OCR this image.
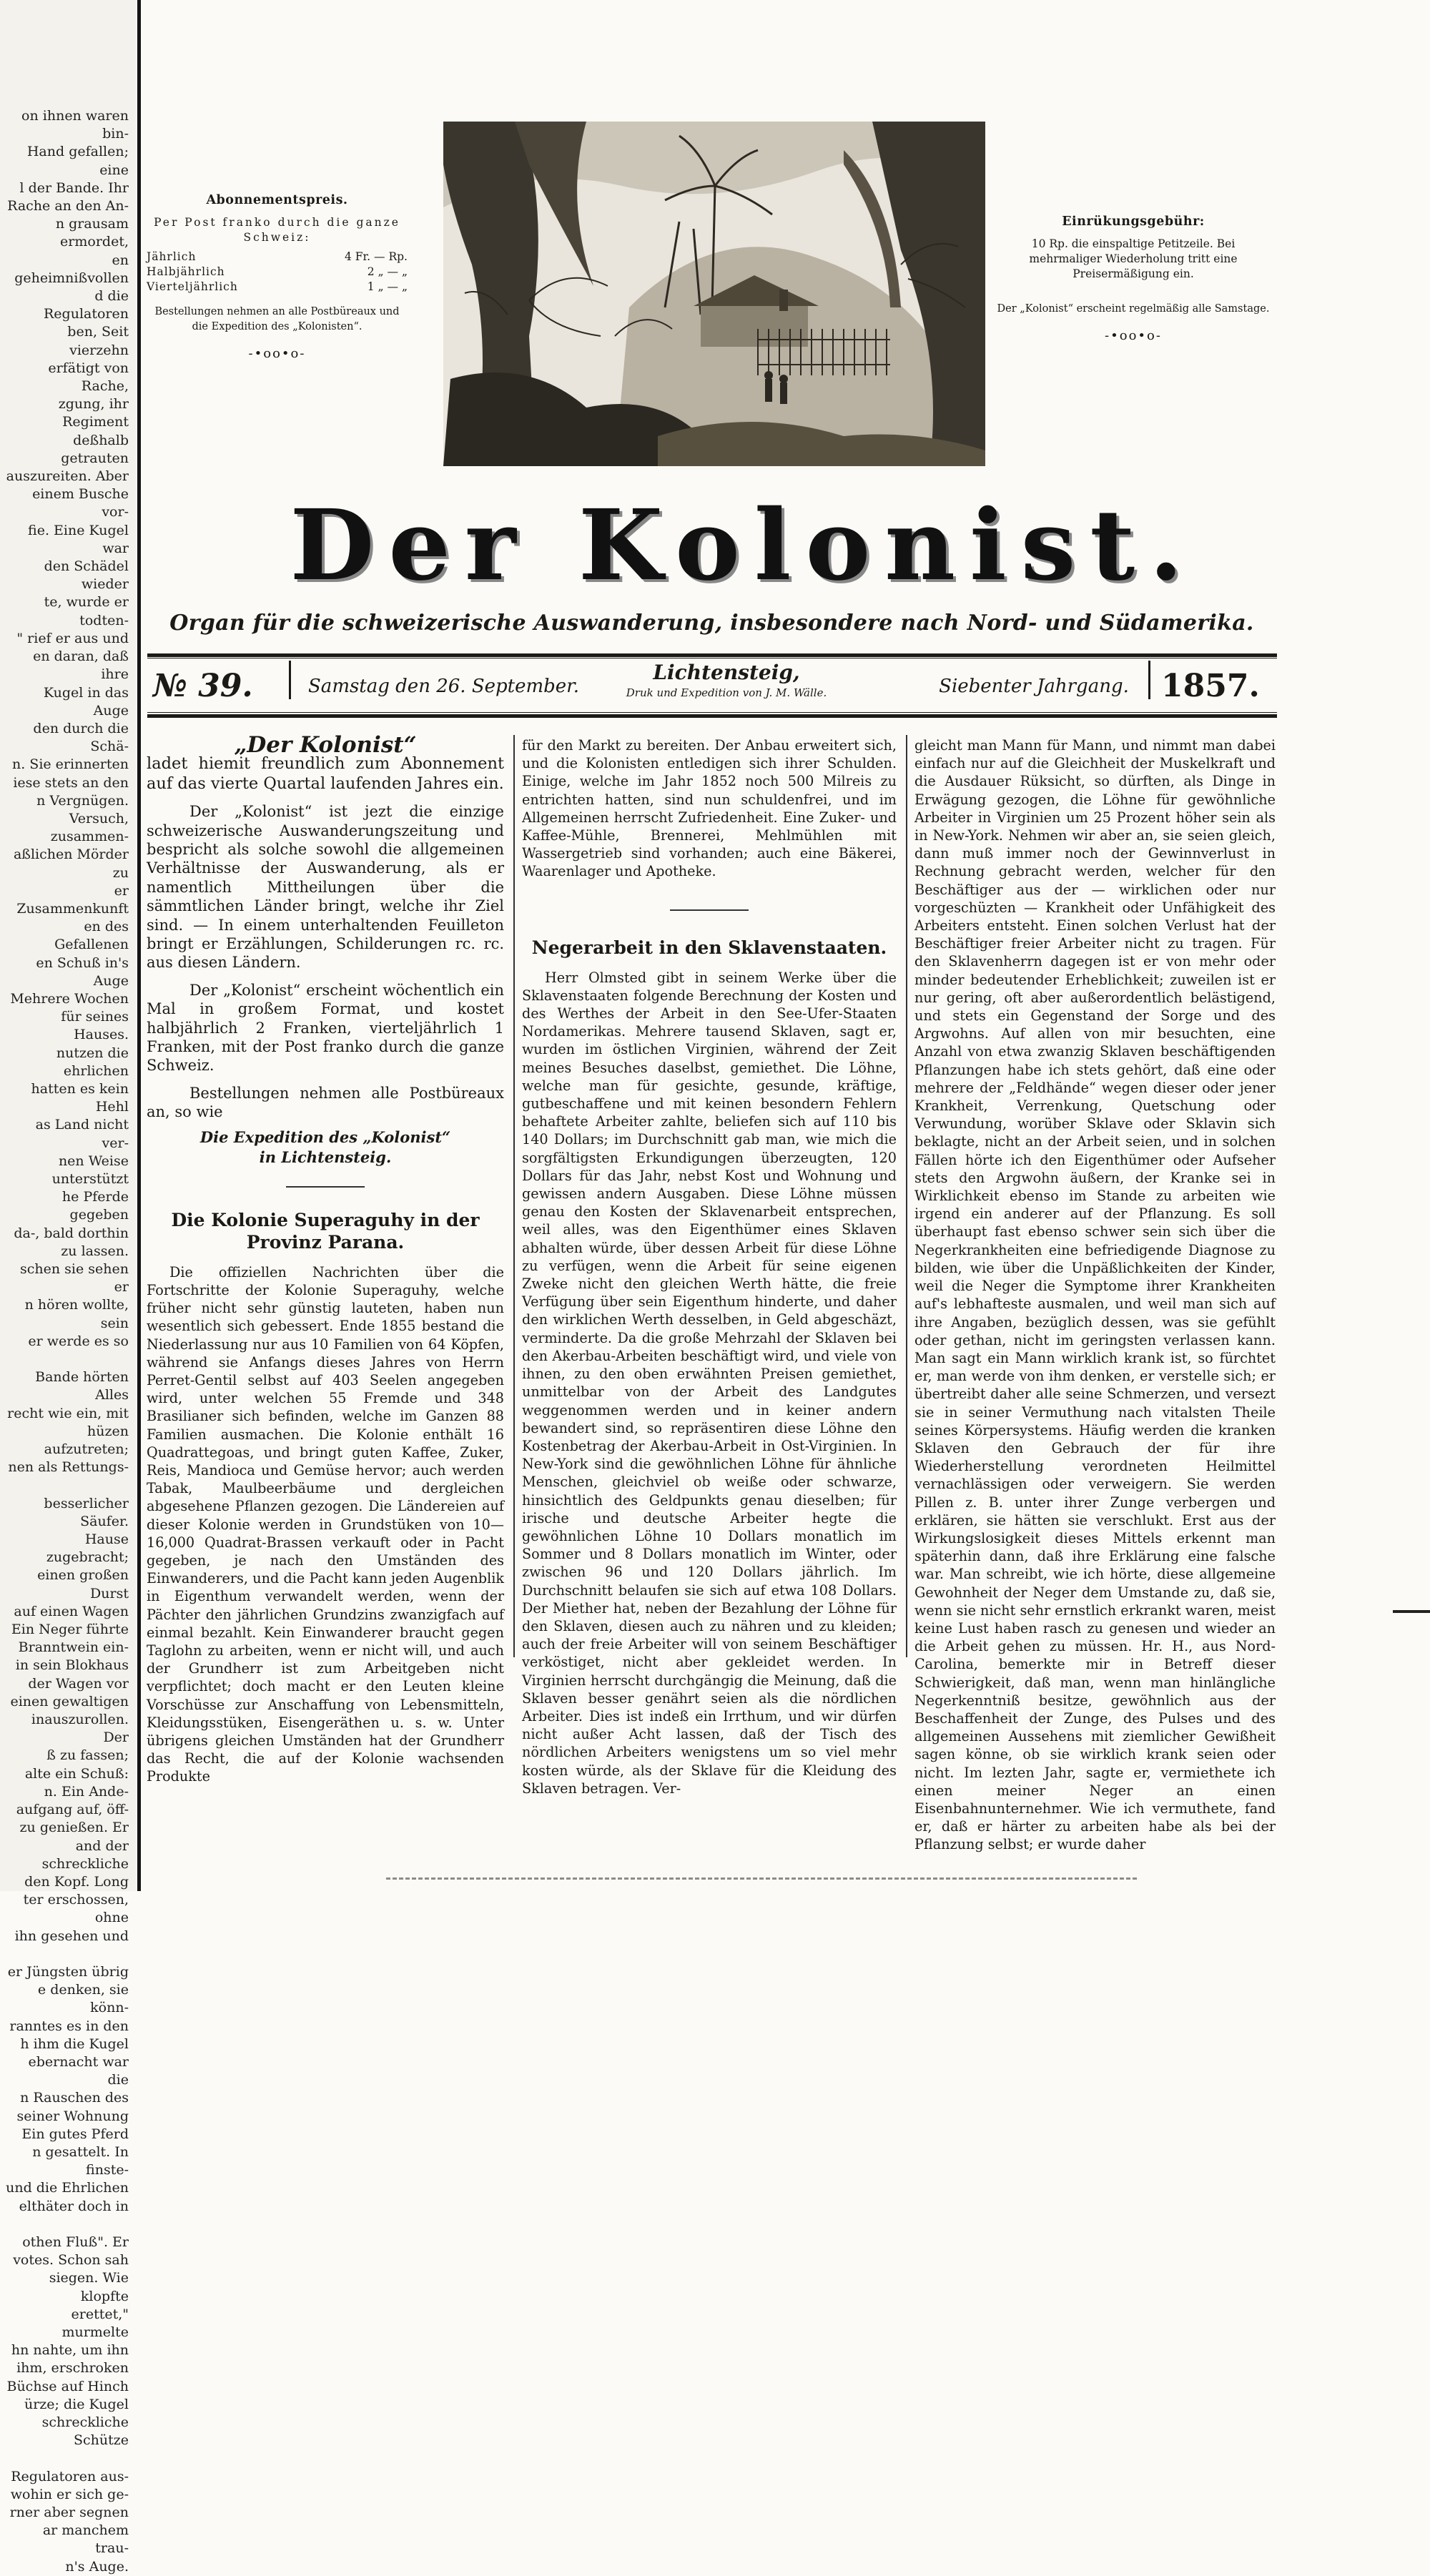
on ihnen waren bin-
Hand gefallen; eine
l der Bande. Ihr
Rache an den An-
n grausam ermordet,
en geheimnißvollen
d die Regulatoren
ben, Seit vierzehn
erfätigt von Rache,
zgung, ihr Regiment
deßhalb getrauten
auszureiten. Aber
einem Busche vor-
fie. Eine Kugel war
den Schädel wieder
te, wurde er todten-
" rief er aus und
en daran, daß ihre
Kugel in das Auge
den durch die Schä-
n. Sie erinnerten
iese stets an den
n Vergnügen.
Versuch, zusammen-
aßlichen Mörder zu
er Zusammenkunft
en des Gefallenen
en Schuß in's Auge
Mehrere Wochen
für seines Hauses.
nutzen die ehrlichen
hatten es kein Hehl
as Land nicht ver-
nen Weise unterstützt
he Pferde gegeben
da-, bald dorthin
zu lassen.
schen sie sehen er
n hören wollte, sein
er werde es so

Bande hörten Alles
recht wie ein, mit
hüzen aufzutreten;
nen als Rettungs-

besserlicher Säufer.
Hause zugebracht;
einen großen Durst
auf einen Wagen
Ein Neger führte
Branntwein ein-
in sein Blokhaus
der Wagen vor
einen gewaltigen
inauszurollen. Der
ß zu fassen;
alte ein Schuß:
n. Ein Ande-
aufgang auf, öff-
zu genießen. Er
and der schreckliche
den Kopf. Long
ter erschossen, ohne
ihn gesehen und

er Jüngsten übrig
e denken, sie könn-
ranntes es in den
h ihm die Kugel
ebernacht war die
n Rauschen des
seiner Wohnung
Ein gutes Pferd
n gesattelt. In finste-
und die Ehrlichen
elthäter doch in

othen Fluß". Er
votes. Schon sah
siegen. Wie klopfte
erettet," murmelte
hn nahte, um ihn
ihm, erschroken
Büchse auf Hinch
ürze; die Kugel
schreckliche Schütze

Regulatoren aus-
wohin er sich ge-
rner aber segnen
ar manchem trau-
n's Auge.
Abonnementspreis.
Per Post franko durch die ganze Schweiz:
Jährlich	4 Fr. — Rp.
Halbjährlich	2 „ — „
Vierteljährlich	1 „ — „
Bestellungen nehmen an alle Postbüreaux und die Expedition des „Kolonisten“.
-•oo•o-
Einrükungsgebühr:
10 Rp. die einspaltige Petitzeile. Bei mehrmaliger Wiederholung tritt eine Preisermäßigung ein.
Der „Kolonist“ erscheint regelmäßig alle Samstage.
-•oo•o-
Der Kolonist.
Organ für die schweizerische Auswanderung, insbesondere nach Nord- und Südamerika.
№ 39.	Samstag den 26. September.
Lichtensteig,
Druk und Expedition von J. M. Wälle.	Siebenter Jahrgang.	1857.

„Der Kolonist“

ladet hiemit freundlich zum Abonnement auf das vierte Quartal laufenden Jahres ein.

Der „Kolonist“ ist jezt die einzige schweizerische Auswanderungszeitung und bespricht als solche sowohl die allgemeinen Verhältnisse der Auswanderung, als er namentlich Mittheilungen über die sämmtlichen Länder bringt, welche ihr Ziel sind. — In einem unterhaltenden Feuilleton bringt er Erzählungen, Schilderungen rc. rc. aus diesen Ländern.

Der „Kolonist“ erscheint wöchentlich ein Mal in großem Format, und kostet halbjährlich 2 Franken, vierteljährlich 1 Franken, mit der Post franko durch die ganze Schweiz.

Bestellungen nehmen alle Postbüreaux an, so wie

Die Expedition des „Kolonist“
in Lichtensteig.

Die Kolonie Superaguhy in der Provinz Parana.

Die offiziellen Nachrichten über die Fortschritte der Kolonie Superaguhy, welche früher nicht sehr günstig lauteten, haben nun wesentlich sich gebessert. Ende 1855 bestand die Niederlassung nur aus 10 Familien von 64 Köpfen, während sie Anfangs dieses Jahres von Herrn Perret-Gentil selbst auf 403 Seelen angegeben wird, unter welchen 55 Fremde und 348 Brasilianer sich befinden, welche im Ganzen 88 Familien ausmachen. Die Kolonie enthält 16 Quadrattegoas, und bringt guten Kaffee, Zuker, Reis, Mandioca und Gemüse hervor; auch werden Tabak, Maulbeerbäume und dergleichen abgesehene Pflanzen gezogen. Die Ländereien auf dieser Kolonie werden in Grundstüken von 10—16,000 Quadrat-Brassen verkauft oder in Pacht gegeben, je nach den Umständen des Einwanderers, und die Pacht kann jeden Augenblik in Eigenthum verwandelt werden, wenn der Pächter den jährlichen Grundzins zwanzigfach auf einmal bezahlt. Kein Einwanderer braucht gegen Taglohn zu arbeiten, wenn er nicht will, und auch der Grundherr ist zum Arbeitgeben nicht verpflichtet; doch macht er den Leuten kleine Vorschüsse zur Anschaffung von Lebensmitteln, Kleidungsstüken, Eisengeräthen u. s. w. Unter übrigens gleichen Umständen hat der Grundherr das Recht, die auf der Kolonie wachsenden Produkte

für den Markt zu bereiten. Der Anbau erweitert sich, und die Kolonisten entledigen sich ihrer Schulden. Einige, welche im Jahr 1852 noch 500 Milreis zu entrichten hatten, sind nun schuldenfrei, und im Allgemeinen herrscht Zufriedenheit. Eine Zuker- und Kaffee-Mühle, Brennerei, Mehlmühlen mit Wassergetrieb sind vorhanden; auch eine Bäkerei, Waarenlager und Apotheke.

Negerarbeit in den Sklavenstaaten.

Herr Olmsted gibt in seinem Werke über die Sklavenstaaten folgende Berechnung der Kosten und des Werthes der Arbeit in den See-Ufer-Staaten Nordamerikas. Mehrere tausend Sklaven, sagt er, wurden im östlichen Virginien, während der Zeit meines Besuches daselbst, gemiethet. Die Löhne, welche man für gesichte, gesunde, kräftige, gutbeschaffene und mit keinen besondern Fehlern behaftete Arbeiter zahlte, beliefen sich auf 110 bis 140 Dollars; im Durchschnitt gab man, wie mich die sorgfältigsten Erkundigungen überzeugten, 120 Dollars für das Jahr, nebst Kost und Wohnung und gewissen andern Ausgaben. Diese Löhne müssen genau den Kosten der Sklavenarbeit entsprechen, weil alles, was den Eigenthümer eines Sklaven abhalten würde, über dessen Arbeit für diese Löhne zu verfügen, wenn die Arbeit für seine eigenen Zweke nicht den gleichen Werth hätte, die freie Verfügung über sein Eigenthum hinderte, und daher den wirklichen Werth desselben, in Geld abgeschäzt, verminderte. Da die große Mehrzahl der Sklaven bei den Akerbau-Arbeiten beschäftigt wird, und viele von ihnen, zu den oben erwähnten Preisen gemiethet, unmittelbar von der Arbeit des Landgutes weggenommen werden und in keiner andern bewandert sind, so repräsentiren diese Löhne den Kostenbetrag der Akerbau-Arbeit in Ost-Virginien. In New-York sind die gewöhnlichen Löhne für ähnliche Menschen, gleichviel ob weiße oder schwarze, hinsichtlich des Geldpunkts genau dieselben; für irische und deutsche Arbeiter hegte die gewöhnlichen Löhne 10 Dollars monatlich im Sommer und 8 Dollars monatlich im Winter, oder zwischen 96 und 120 Dollars jährlich. Im Durchschnitt belaufen sie sich auf etwa 108 Dollars. Der Miether hat, neben der Bezahlung der Löhne für den Sklaven, diesen auch zu nähren und zu kleiden; auch der freie Arbeiter will von seinem Beschäftiger verköstiget, nicht aber gekleidet werden. In Virginien herrscht durchgängig die Meinung, daß die Sklaven besser genährt seien als die nördlichen Arbeiter. Dies ist indeß ein Irrthum, und wir dürfen nicht außer Acht lassen, daß der Tisch des nördlichen Arbeiters wenigstens um so viel mehr kosten würde, als der Sklave für die Kleidung des Sklaven betragen. Ver-

gleicht man Mann für Mann, und nimmt man dabei einfach nur auf die Gleichheit der Muskelkraft und die Ausdauer Rüksicht, so dürften, als Dinge in Erwägung gezogen, die Löhne für gewöhnliche Arbeiter in Virginien um 25 Prozent höher sein als in New-York. Nehmen wir aber an, sie seien gleich, dann muß immer noch der Gewinnverlust in Rechnung gebracht werden, welcher für den Beschäftiger aus der — wirklichen oder nur vorgeschüzten — Krankheit oder Unfähigkeit des Arbeiters entsteht. Einen solchen Verlust hat der Beschäftiger freier Arbeiter nicht zu tragen. Für den Sklavenherrn dagegen ist er von mehr oder minder bedeutender Erheblichkeit; zuweilen ist er nur gering, oft aber außerordentlich belästigend, und stets ein Gegenstand der Sorge und des Argwohns. Auf allen von mir besuchten, eine Anzahl von etwa zwanzig Sklaven beschäftigenden Pflanzungen habe ich stets gehört, daß eine oder mehrere der „Feldhände“ wegen dieser oder jener Krankheit, Verrenkung, Quetschung oder Verwundung, worüber Sklave oder Sklavin sich beklagte, nicht an der Arbeit seien, und in solchen Fällen hörte ich den Eigenthümer oder Aufseher stets den Argwohn äußern, der Kranke sei in Wirklichkeit ebenso im Stande zu arbeiten wie irgend ein anderer auf der Pflanzung. Es soll überhaupt fast ebenso schwer sein sich über die Negerkrankheiten eine befriedigende Diagnose zu bilden, wie über die Unpäßlichkeiten der Kinder, weil die Neger die Symptome ihrer Krankheiten auf's lebhafteste ausmalen, und weil man sich auf ihre Angaben, bezüglich dessen, was sie gefühlt oder gethan, nicht im geringsten verlassen kann. Man sagt ein Mann wirklich krank ist, so fürchtet er, man werde von ihm denken, er verstelle sich; er übertreibt daher alle seine Schmerzen, und versezt sie in seiner Vermuthung nach vitalsten Theile seines Körpersystems. Häufig werden die kranken Sklaven den Gebrauch der für ihre Wiederherstellung verordneten Heilmittel vernachlässigen oder verweigern. Sie werden Pillen z. B. unter ihrer Zunge verbergen und erklären, sie hätten sie verschlukt. Erst aus der Wirkungslosigkeit dieses Mittels erkennt man späterhin dann, daß ihre Erklärung eine falsche war. Man schreibt, wie ich hörte, diese allgemeine Gewohnheit der Neger dem Umstande zu, daß sie, wenn sie nicht sehr ernstlich erkrankt waren, meist keine Lust haben rasch zu genesen und wieder an die Arbeit gehen zu müssen. Hr. H., aus Nord-Carolina, bemerkte mir in Betreff dieser Schwierigkeit, daß man, wenn man hinlängliche Negerkenntniß besitze, gewöhnlich aus der Beschaffenheit der Zunge, des Pulses und des allgemeinen Aussehens mit ziemlicher Gewißheit sagen könne, ob sie wirklich krank seien oder nicht. Im lezten Jahr, sagte er, vermiethete ich einen meiner Neger an einen Eisenbahnunternehmer. Wie ich vermuthete, fand er, daß er härter zu arbeiten habe als bei der Pflanzung selbst; er wurde daher
